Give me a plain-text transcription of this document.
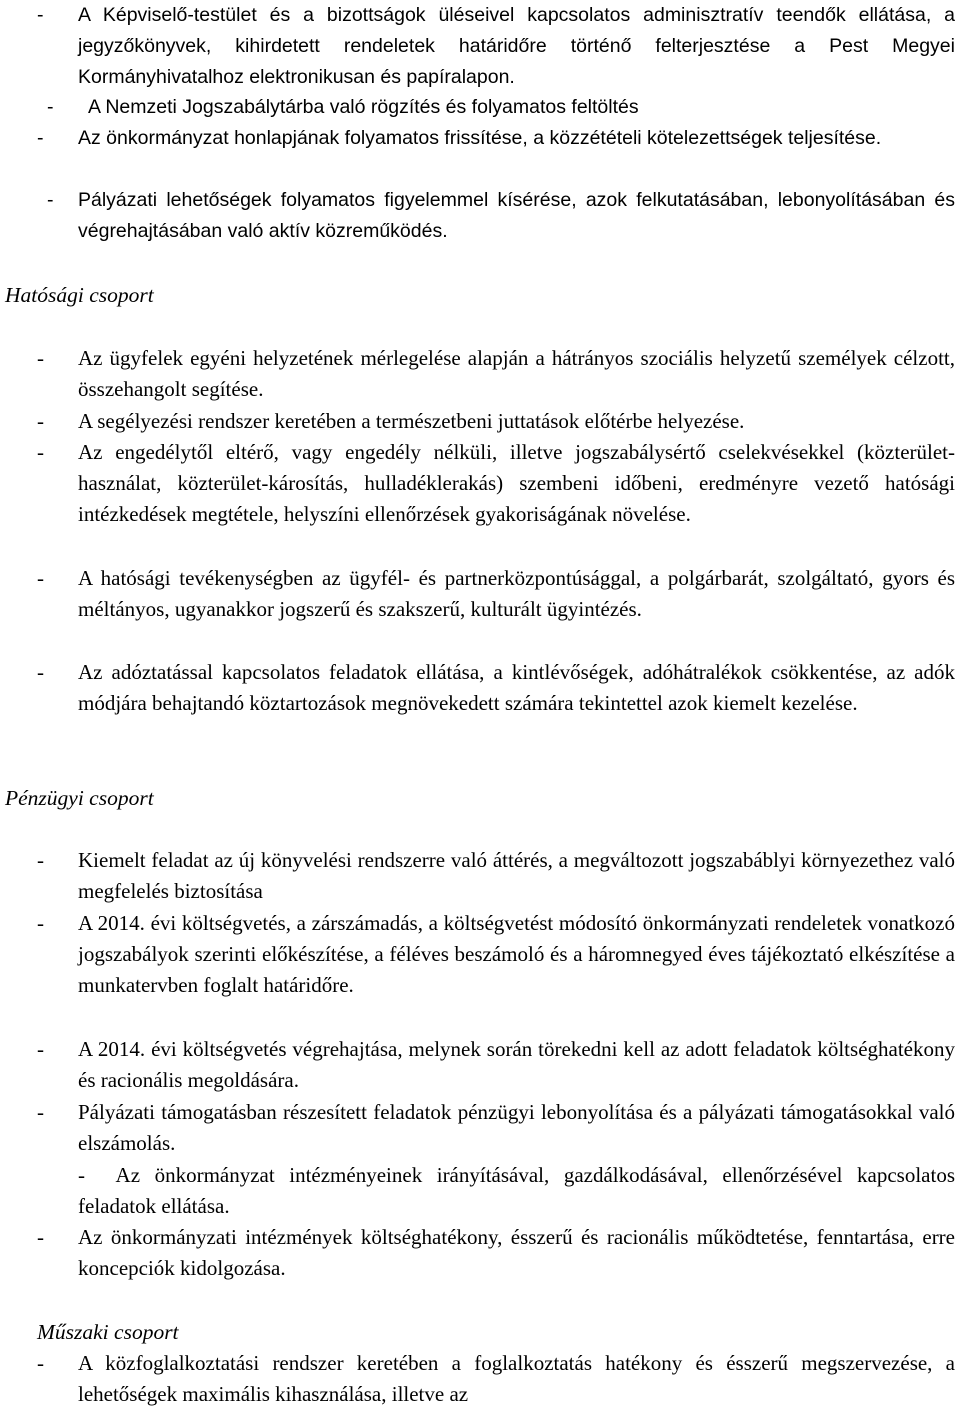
-	A Képviselő-testület és a bizottságok üléseivel kapcsolatos adminisztratív teendők ellátása, a jegyzőkönyvek, kihirdetett rendeletek határidőre történő felterjesztése a Pest Megyei Kormányhivatalhoz elektronikusan és papíralapon.
-	A Nemzeti Jogszabálytárba való rögzítés és folyamatos feltöltés
-	Az önkormányzat honlapjának folyamatos frissítése, a közzétételi kötelezettségek teljesítése.
-	Pályázati lehetőségek folyamatos figyelemmel kísérése, azok felkutatásában, lebonyolításában és végrehajtásában való aktív közreműködés.
Hatósági csoport
-	Az ügyfelek egyéni helyzetének mérlegelése alapján a hátrányos szociális helyzetű személyek célzott, összehangolt segítése.
-	A segélyezési rendszer keretében a természetbeni juttatások előtérbe helyezése.
-	Az engedélytől eltérő, vagy engedély nélküli, illetve jogszabálysértő cselekvésekkel (közterület-használat, közterület-károsítás, hulladéklerakás) szembeni időbeni, eredményre vezető hatósági intézkedések megtétele, helyszíni ellenőrzések gyakoriságának növelése.
-	A hatósági tevékenységben az ügyfél- és partnerközpontúsággal, a polgárbarát, szolgáltató, gyors és méltányos, ugyanakkor jogszerű és szakszerű, kulturált ügyintézés.
-	Az adóztatással kapcsolatos feladatok ellátása, a kintlévőségek, adóhátralékok csökkentése, az adók módjára behajtandó köztartozások megnövekedett számára tekintettel azok kiemelt kezelése.
Pénzügyi csoport
-	Kiemelt feladat az új könyvelési rendszerre való áttérés, a megváltozott jogszabáblyi környezethez való megfelelés biztosítása
-	A 2014. évi költségvetés, a zárszámadás, a költségvetést módosító önkormányzati rendeletek vonatkozó jogszabályok szerinti előkészítése, a féléves beszámoló és a háromnegyed éves tájékoztató elkészítése a munkatervben foglalt határidőre.
-	A 2014. évi költségvetés végrehajtása, melynek során törekedni kell az adott feladatok költséghatékony és racionális megoldására.
-	Pályázati támogatásban részesített feladatok pénzügyi lebonyolítása és a pályázati támogatásokkal való elszámolás.
- Az önkormányzat intézményeinek irányításával, gazdálkodásával, ellenőrzésével kapcsolatos feladatok ellátása.
-	Az önkormányzati intézmények költséghatékony, ésszerű és racionális működtetése, fenntartása, erre koncepciók kidolgozása.
Műszaki csoport
-	A közfoglalkoztatási rendszer keretében a foglalkoztatás hatékony és ésszerű megszervezése, a lehetőségek maximális kihasználása, illetve az
